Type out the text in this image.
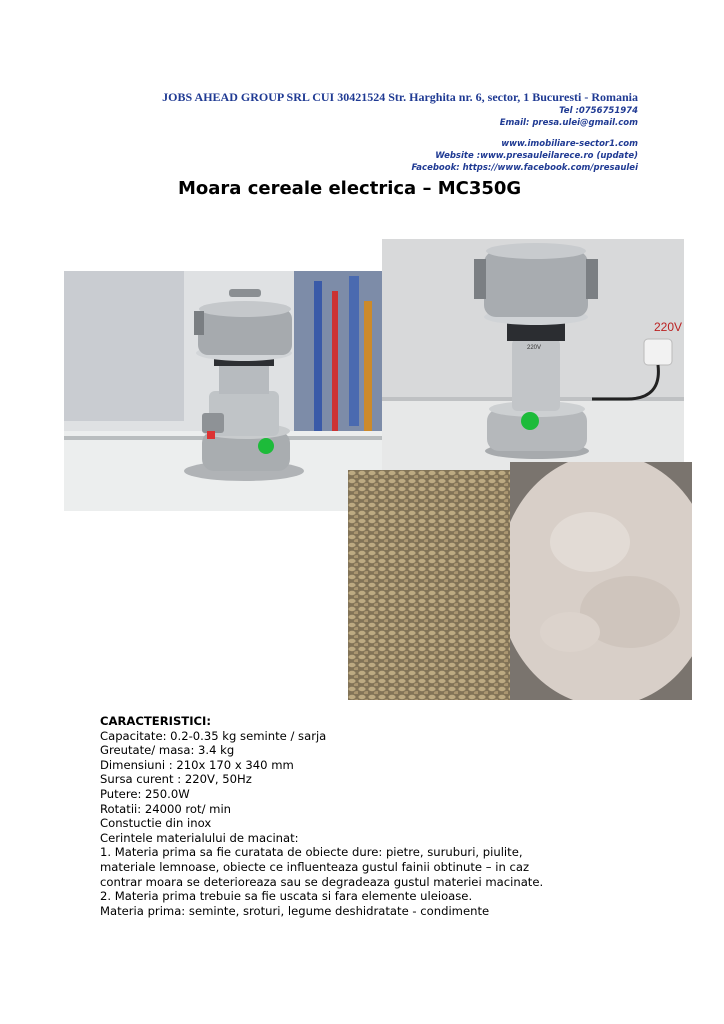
JOBS AHEAD GROUP SRL CUI 30421524 Str. Harghita nr. 6, sector, 1 Bucuresti - Romania
Tel :0756751974
Email: presa.ulei@gmail.com
www.imobiliare-sector1.com
Website :www.presauleilarece.ro (update)
Facebook: https://www.facebook.com/presaulei
Moara cereale electrica – MC350G
220V
220V
CARACTERISTICI:
Capacitate: 0.2-0.35 kg seminte / sarja
Greutate/ masa: 3.4 kg
Dimensiuni : 210x 170 x 340 mm
Sursa curent : 220V, 50Hz
Putere: 250.0W
Rotatii: 24000 rot/ min
Constuctie din inox
Cerintele materialului de macinat:
1. Materia prima sa fie curatata de obiecte dure: pietre, suruburi, piulite,
materiale lemnoase, obiecte ce influenteaza gustul fainii obtinute – in caz
contrar moara se deterioreaza sau se degradeaza gustul materiei macinate.
2. Materia prima trebuie sa fie uscata si fara elemente uleioase.
Materia prima: seminte, sroturi, legume deshidratate - condimente
